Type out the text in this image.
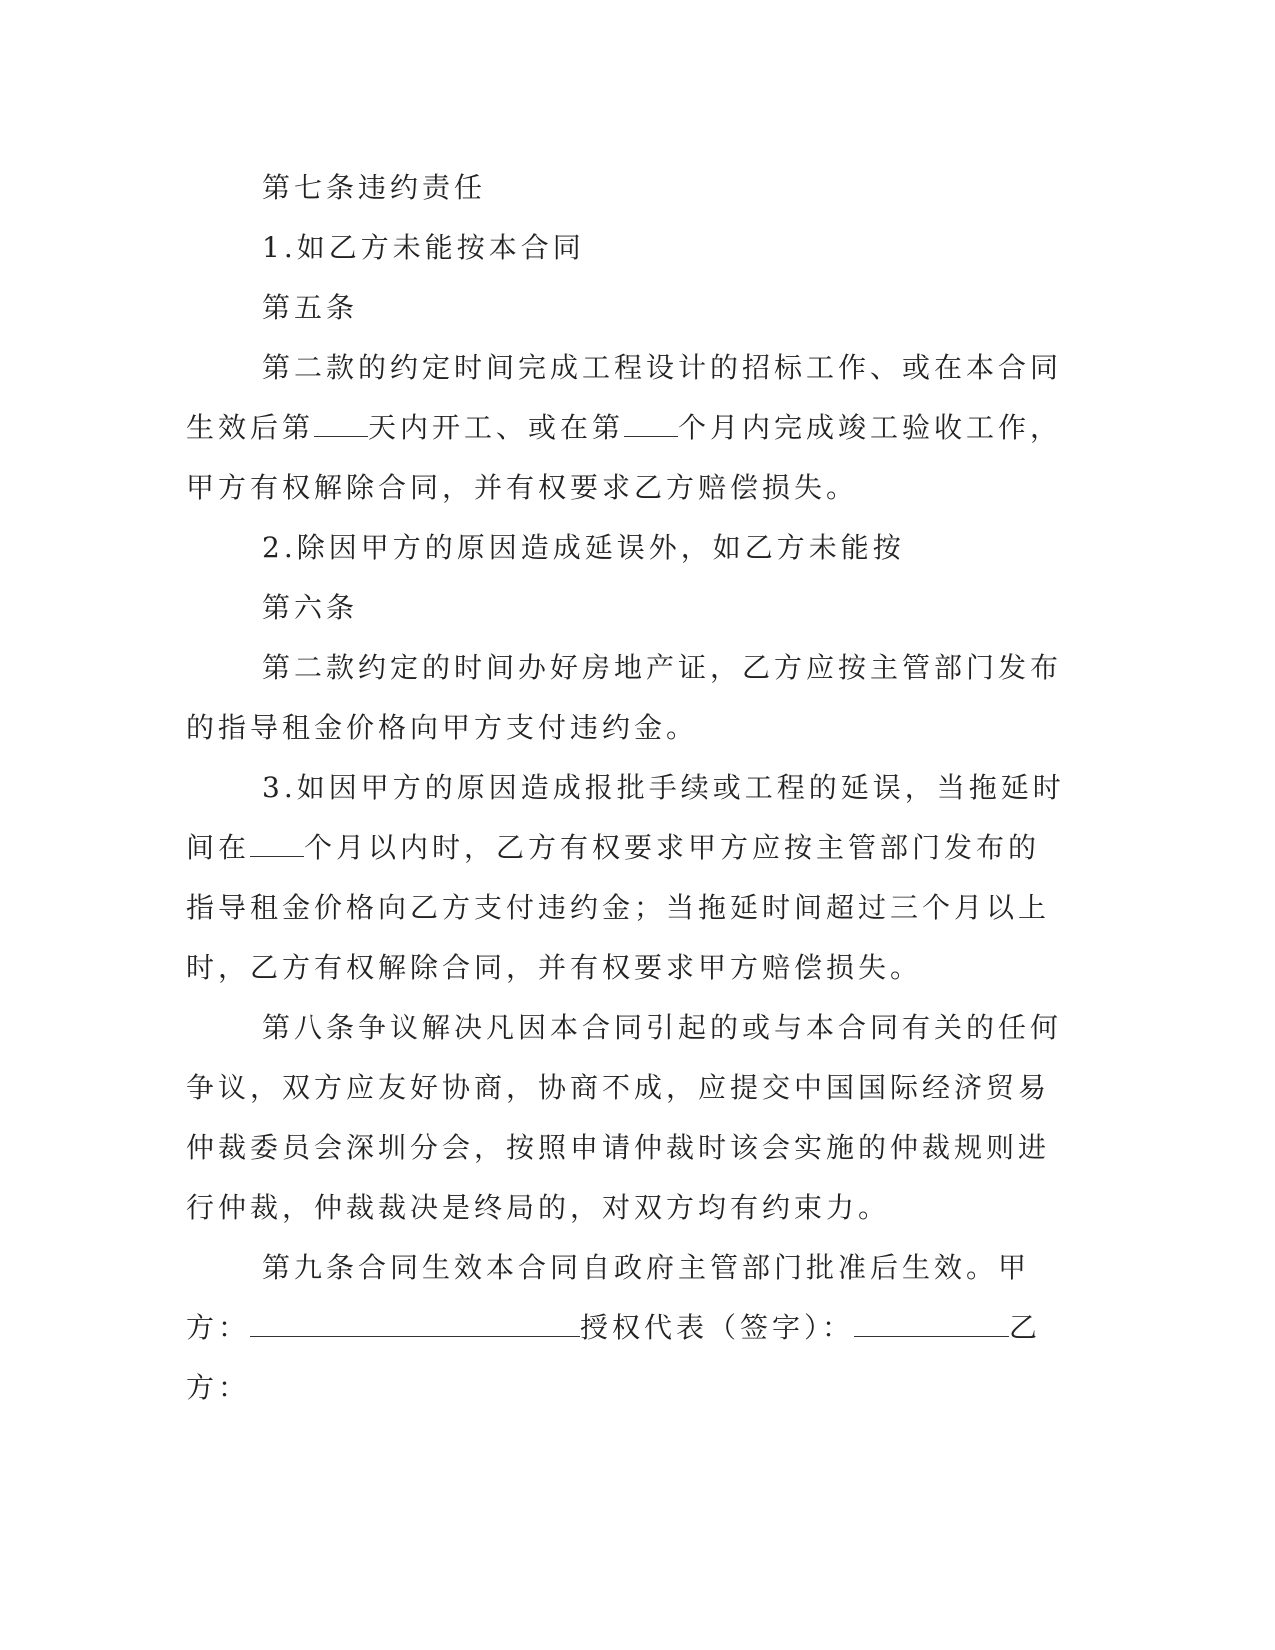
第七条违约责任

1.如乙方未能按本合同

第五条

第二款的约定时间完成工程设计的招标工作、或在本合同生效后第 天内开工、或在第 个月内完成竣工验收工作，甲方有权解除合同，并有权要求乙方赔偿损失。

2.除因甲方的原因造成延误外，如乙方未能按

第六条

第二款约定的时间办好房地产证，乙方应按主管部门发布的指导租金价格向甲方支付违约金。

3.如因甲方的原因造成报批手续或工程的延误，当拖延时间在 个月以内时，乙方有权要求甲方应按主管部门发布的指导租金价格向乙方支付违约金；当拖延时间超过三个月以上时，乙方有权解除合同，并有权要求甲方赔偿损失。

第八条争议解决凡因本合同引起的或与本合同有关的任何争议，双方应友好协商，协商不成，应提交中国国际经济贸易仲裁委员会深圳分会，按照申请仲裁时该会实施的仲裁规则进行仲裁，仲裁裁决是终局的，对双方均有约束力。

第九条合同生效本合同自政府主管部门批准后生效。甲方：	授权代表（签字）：	乙方：
